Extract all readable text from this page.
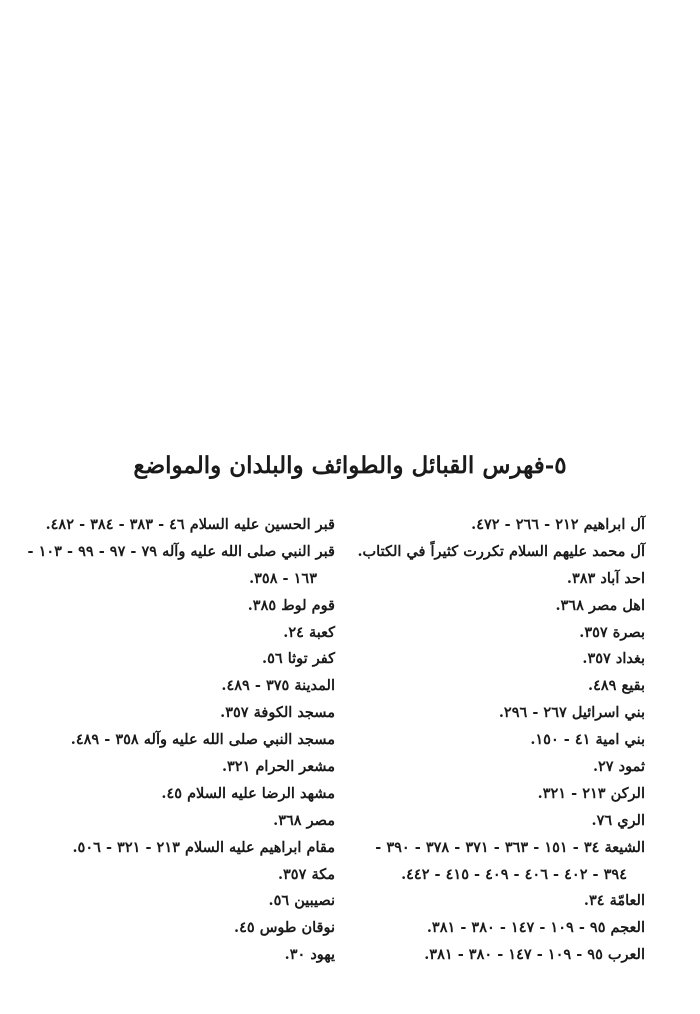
٥-فهرس القبائل والطوائف والبلدان والمواضع
آل ابراهيم ٢١٢ - ٢٦٦ - ٤٧٢.
آل محمد عليهم السلام تكررت كثيراً في الكتاب.
احد آباد ٣٨٣.
اهل مصر ٣٦٨.
بصرة ٣٥٧.
بغداد ٣٥٧.
بقيع ٤٨٩.
بني اسرائيل ٢٦٧ - ٢٩٦.
بني امية ٤١ - ١٥٠.
ثمود ٢٧.
الركن ٢١٣ - ٣٢١.
الري ٧٦.
الشيعة ٣٤ - ١٥١ - ٣٦٣ - ٣٧١ - ٣٧٨ - ٣٩٠ -
٣٩٤ - ٤٠٢ - ٤٠٦ - ٤٠٩ - ٤١٥ - ٤٤٢.
العامّة ٣٤.
العجم ٩٥ - ١٠٩ - ١٤٧ - ٣٨٠ - ٣٨١.
العرب ٩٥ - ١٠٩ - ١٤٧ - ٣٨٠ - ٣٨١.
قبر الحسين عليه السلام ٤٦ - ٣٨٣ - ٣٨٤ - ٤٨٢.
قبر النبي صلى الله عليه وآله ٧٩ - ٩٧ - ٩٩ - ١٠٣ -
١٦٣ - ٣٥٨.
قوم لوط ٣٨٥.
كعبة ٢٤.
كفر توثا ٥٦.
المدينة ٣٧٥ - ٤٨٩.
مسجد الكوفة ٣٥٧.
مسجد النبي صلى الله عليه وآله ٣٥٨ - ٤٨٩.
مشعر الحرام ٣٢١.
مشهد الرضا عليه السلام ٤٥.
مصر ٣٦٨.
مقام ابراهيم عليه السلام ٢١٣ - ٣٢١ - ٥٠٦.
مكة ٣٥٧.
نصيبين ٥٦.
نوقان طوس ٤٥.
يهود ٣٠.
